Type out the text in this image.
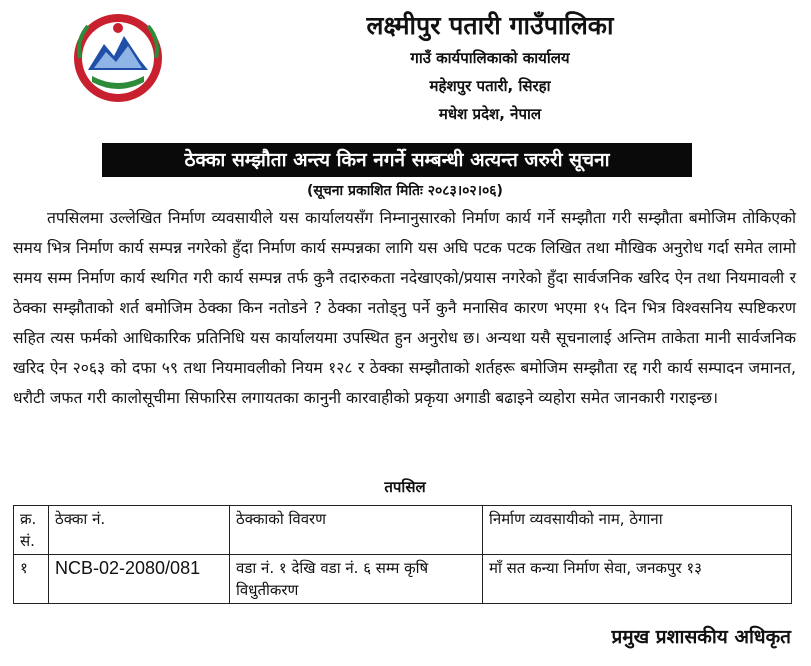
लक्ष्मीपुर पतारी गाउँपालिका
गाउँ कार्यपालिकाको कार्यालय
महेशपुर पतारी, सिरहा
मधेश प्रदेश, नेपाल
ठेक्का सम्झौता अन्त्य किन नगर्ने सम्बन्धी अत्यन्त जरुरी सूचना
(सूचना प्रकाशित मितिः २०८३।०२।०६)
तपसिलमा उल्लेखित निर्माण व्यवसायीले यस कार्यालयसँग निम्नानुसारको निर्माण कार्य गर्ने सम्झौता गरी सम्झौता बमोजिम तोकिएको समय भित्र निर्माण कार्य सम्पन्न नगरेको हुँदा निर्माण कार्य सम्पन्नका लागि यस अघि पटक पटक लिखित तथा मौखिक अनुरोध गर्दा समेत लामो समय सम्म निर्माण कार्य स्थगित गरी कार्य सम्पन्न तर्फ कुनै तदारुकता नदेखाएको/प्रयास नगरेको हुँदा सार्वजनिक खरिद ऐन तथा नियमावली र ठेक्का सम्झौताको शर्त बमोजिम ठेक्का किन नतोडने ? ठेक्का नतोड्नु पर्ने कुनै मनासिव कारण भएमा १५ दिन भित्र विश्वसनिय स्पष्टिकरण सहित त्यस फर्मको आधिकारिक प्रतिनिधि यस कार्यालयमा उपस्थित हुन अनुरोध छ। अन्यथा यसै सूचनालाई अन्तिम ताकेता मानी सार्वजनिक खरिद ऐन २०६३ को दफा ५९ तथा नियमावलीको नियम १२८ र ठेक्का सम्झौताको शर्तहरू बमोजिम सम्झौता रद्द गरी कार्य सम्पादन जमानत, धरौटी जफत गरी कालोसूचीमा सिफारिस लगायतका कानुनी कारवाहीको प्रकृया अगाडी बढाइने व्यहोरा समेत जानकारी गराइन्छ।
तपसिल
क्र. सं.	ठेक्का नं.	ठेक्काको विवरण	निर्माण व्यवसायीको नाम, ठेगाना
१	NCB-02-2080/081	वडा नं. १ देखि वडा नं. ६ सम्म कृषि विधुतीकरण	माँ सत कन्या निर्माण सेवा, जनकपुर १३
प्रमुख प्रशासकीय अधिकृत
